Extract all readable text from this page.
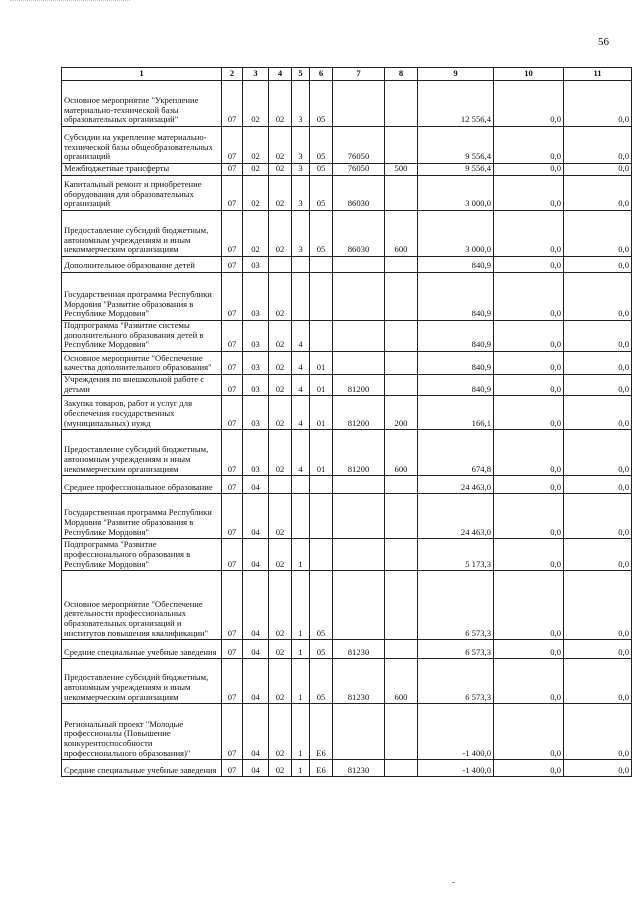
56
1	2	3	4	5	6	7	8	9	10	11
Основное мероприятие "Укрепление материально-технической базы образовательных организаций"	07	02	02	3	05			12 556,4	0,0	0,0
Субсидии на укрепление материально-технической базы общеобразовательных организаций	07	02	02	3	05	76050		9 556,4	0,0	0,0
Межбюджетные трансферты	07	02	02	3	05	76050	500	9 556,4	0,0	0,0
Капитальный ремонт и приобретение оборудования для образовательных организаций	07	02	02	3	05	86030		3 000,0	0,0	0,0
Предоставление субсидий бюджетным, автономным учреждениям и иным некоммерческим организациям	07	02	02	3	05	86030	600	3 000,0	0,0	0,0
Дополнительное образование детей	07	03						840,9	0,0	0,0
Государственная программа Республики Мордовия "Развитие образования в Республике Мордовия"	07	03	02					840,9	0,0	0,0
Подпрограмма "Развитие системы дополнительного образования детей в Республике Мордовия"	07	03	02	4				840,9	0,0	0,0
Основное мероприятие "Обеспечение качества дополнительного образования"	07	03	02	4	01			840,9	0,0	0,0
Учреждения по внешкольной работе с детьми	07	03	02	4	01	81200		840,9	0,0	0,0
Закупка товаров, работ и услуг для обеспечения государственных (муниципальных) нужд	07	03	02	4	01	81200	200	166,1	0,0	0,0
Предоставление субсидий бюджетным, автономным учреждениям и иным некоммерческим организациям	07	03	02	4	01	81200	600	674,8	0,0	0,0
Среднее профессиональное образование	07	04						24 463,0	0,0	0,0
Государственная программа Республики Мордовия "Развитие образования в Республике Мордовия"	07	04	02					24 463,0	0,0	0,0
Подпрограмма "Развитие профессионального образования в Республике Мордовия"	07	04	02	1				5 173,3	0,0	0,0
Основное мероприятие "Обеспечение деятельности профессиональных образовательных организаций и институтов повышения квалификации"	07	04	02	1	05			6 573,3	0,0	0,0
Средние специальные учебные заведения	07	04	02	1	05	81230		6 573,3	0,0	0,0
Предоставление субсидий бюджетным, автономным учреждениям и иным некоммерческим организациям	07	04	02	1	05	81230	600	6 573,3	0,0	0,0
Региональный проект "Молодые профессионалы (Повышение конкурентоспособности профессионального образования)"	07	04	02	1	E6			-1 400,0	0,0	0,0
Средние специальные учебные заведения	07	04	02	1	E6	81230		-1 400,0	0,0	0,0
